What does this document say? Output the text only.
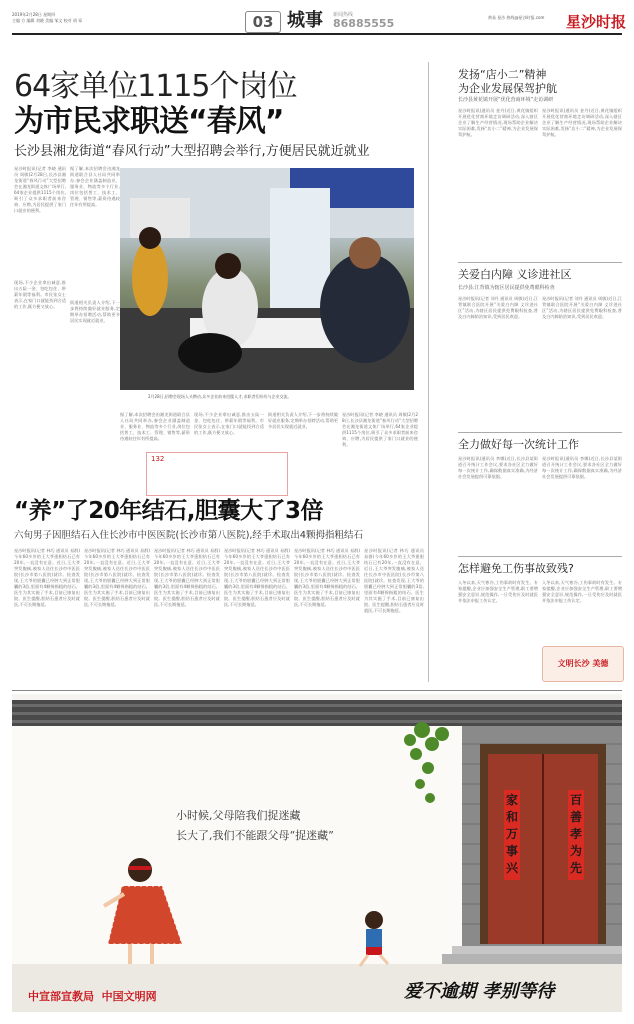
2019年2月28日 星期四
主编 方 编辑 刘晓 美编 邹文 校对 胡 章	03 城事 新闻热线
86885555	黄易 星沙 热线@星沙时报.com	星沙时报
64家单位1115个岗位
为市民求职送“春风”
长沙县湘龙街道“春风行动”大型招聘会举行,方便居民就近就业
星沙时报讯(记者 李晓 通讯员 周敏)2月28日,长沙县湘龙街道“春风行动”大型招聘会在湘龙街道文体广场举行,64家企业提供1115个岗位,吸引了众多求职者前来咨询、应聘,为居民提供了家门口就业的便利。
据了解,本次招聘会由湘龙街道联合县人社局共同举办,参会企业涵盖制造业、服务业、物流等多个行业,岗位包括普工、技术工、管理、销售等,薪资待遇较往年有所提高。
现场,不少企业拿出诚意,推出五险一金、包吃包住、带薪年假等福利。市民张女士表示,在家门口就能找到合适的工作,既方便又放心。
街道相关负责人介绍,下一步将持续做好就业服务,定期举办招聘活动,帮助更多居民实现就近就业。
2月28日,招聘会现场人头攒动,众多企业前来招揽人才,求职者们纷纷与企业交流。
据了解,本次招聘会由湘龙街道联合县人社局共同举办,参会企业涵盖制造业、服务业、物流等多个行业,岗位包括普工、技术工、管理、销售等,薪资待遇较往年有所提高。
现场,不少企业拿出诚意,推出五险一金、包吃包住、带薪年假等福利。市民张女士表示,在家门口就能找到合适的工作,既方便又放心。
街道相关负责人介绍,下一步将持续做好就业服务,定期举办招聘活动,帮助更多居民实现就近就业。
星沙时报讯(记者 李晓 通讯员 周敏)2月28日,长沙县湘龙街道“春风行动”大型招聘会在湘龙街道文体广场举行,64家企业提供1115个岗位,吸引了众多求职者前来咨询、应聘,为居民提供了家门口就业的便利。
132
“养”了20年结石,胆囊大了3倍
六旬男子因胆结石入住长沙市中医医院(长沙市第八医院),经手术取出4颗拇指粗结石
星沙时报讯(记者 林巧 通讯员 易群)今年60多岁的王大爷患胆结石已有20年,一直没有在意。近日,王大爷突发腹痛,被家人送往长沙市中医医院(长沙市第八医院)就诊。检查发现,王大爷的胆囊已经肿大到正常胆囊的3倍,里面有4颗拇指粗的结石。医生为其实施了手术,目前已康复出院。医生提醒,胆结石患者应及时就医,不可长期拖延。
星沙时报讯(记者 林巧 通讯员 易群)今年60多岁的王大爷患胆结石已有20年,一直没有在意。近日,王大爷突发腹痛,被家人送往长沙市中医医院(长沙市第八医院)就诊。检查发现,王大爷的胆囊已经肿大到正常胆囊的3倍,里面有4颗拇指粗的结石。医生为其实施了手术,目前已康复出院。医生提醒,胆结石患者应及时就医,不可长期拖延。
星沙时报讯(记者 林巧 通讯员 易群)今年60多岁的王大爷患胆结石已有20年,一直没有在意。近日,王大爷突发腹痛,被家人送往长沙市中医医院(长沙市第八医院)就诊。检查发现,王大爷的胆囊已经肿大到正常胆囊的3倍,里面有4颗拇指粗的结石。医生为其实施了手术,目前已康复出院。医生提醒,胆结石患者应及时就医,不可长期拖延。
星沙时报讯(记者 林巧 通讯员 易群)今年60多岁的王大爷患胆结石已有20年,一直没有在意。近日,王大爷突发腹痛,被家人送往长沙市中医医院(长沙市第八医院)就诊。检查发现,王大爷的胆囊已经肿大到正常胆囊的3倍,里面有4颗拇指粗的结石。医生为其实施了手术,目前已康复出院。医生提醒,胆结石患者应及时就医,不可长期拖延。
星沙时报讯(记者 林巧 通讯员 易群)今年60多岁的王大爷患胆结石已有20年,一直没有在意。近日,王大爷突发腹痛,被家人送往长沙市中医医院(长沙市第八医院)就诊。检查发现,王大爷的胆囊已经肿大到正常胆囊的3倍,里面有4颗拇指粗的结石。医生为其实施了手术,目前已康复出院。医生提醒,胆结石患者应及时就医,不可长期拖延。
星沙时报讯(记者 林巧 通讯员 易群)今年60多岁的王大爷患胆结石已有20年,一直没有在意。近日,王大爷突发腹痛,被家人送往长沙市中医医院(长沙市第八医院)就诊。检查发现,王大爷的胆囊已经肿大到正常胆囊的3倍,里面有4颗拇指粗的结石。医生为其实施了手术,目前已康复出院。医生提醒,胆结石患者应及时就医,不可长期拖延。
发扬“店小二”精神
为企业发展保驾护航
长沙县黄花镇开展“优化营商环境”走访调研
星沙时报讯(通讯员 金丹)近日,黄花镇组织开展优化营商环境走访调研活动,深入辖区企业了解生产经营情况,现场帮助企业解决实际困难,发扬“店小二”精神,为企业发展保驾护航。
星沙时报讯(通讯员 金丹)近日,黄花镇组织开展优化营商环境走访调研活动,深入辖区企业了解生产经营情况,现场帮助企业解决实际困难,发扬“店小二”精神,为企业发展保驾护航。
关爱白内障 义诊进社区
长沙县:江背镇为辖区居民提供免费眼科检查
星沙时报讯(记者 刘丹 通讯员 周敏)近日,江背镇联合医院开展“关爱白内障 义诊进社区”活动,为辖区居民提供免费眼科检查,普及白内障防治知识,受到居民欢迎。
星沙时报讯(记者 刘丹 通讯员 周敏)近日,江背镇联合医院开展“关爱白内障 义诊进社区”活动,为辖区居民提供免费眼科检查,普及白内障防治知识,受到居民欢迎。
全力做好每一次统计工作
星沙时报讯(通讯员 李娜)近日,长沙县某街道召开统计工作会议,要求各社区全力做好每一次统计工作,确保数据真实准确,为经济社会发展提供可靠依据。
星沙时报讯(通讯员 李娜)近日,长沙县某街道召开统计工作会议,要求各社区全力做好每一次统计工作,确保数据真实准确,为经济社会发展提供可靠依据。
怎样避免工伤事故致残?
入冬以来,天气寒冷,工伤事故时有发生。专家提醒,企业应加强安全生产管理,职工要增强安全意识,规范操作,一旦受伤应及时就医并依法申报工伤认定。
入冬以来,天气寒冷,工伤事故时有发生。专家提醒,企业应加强安全生产管理,职工要增强安全意识,规范操作,一旦受伤应及时就医并依法申报工伤认定。
文明长沙 美德
百善孝为先
家和万事兴
小时候,父母陪我们捉迷藏
长大了,我们不能跟父母“捉迷藏”
爱不逾期 孝别等待
中宣部宣教局  中国文明网
